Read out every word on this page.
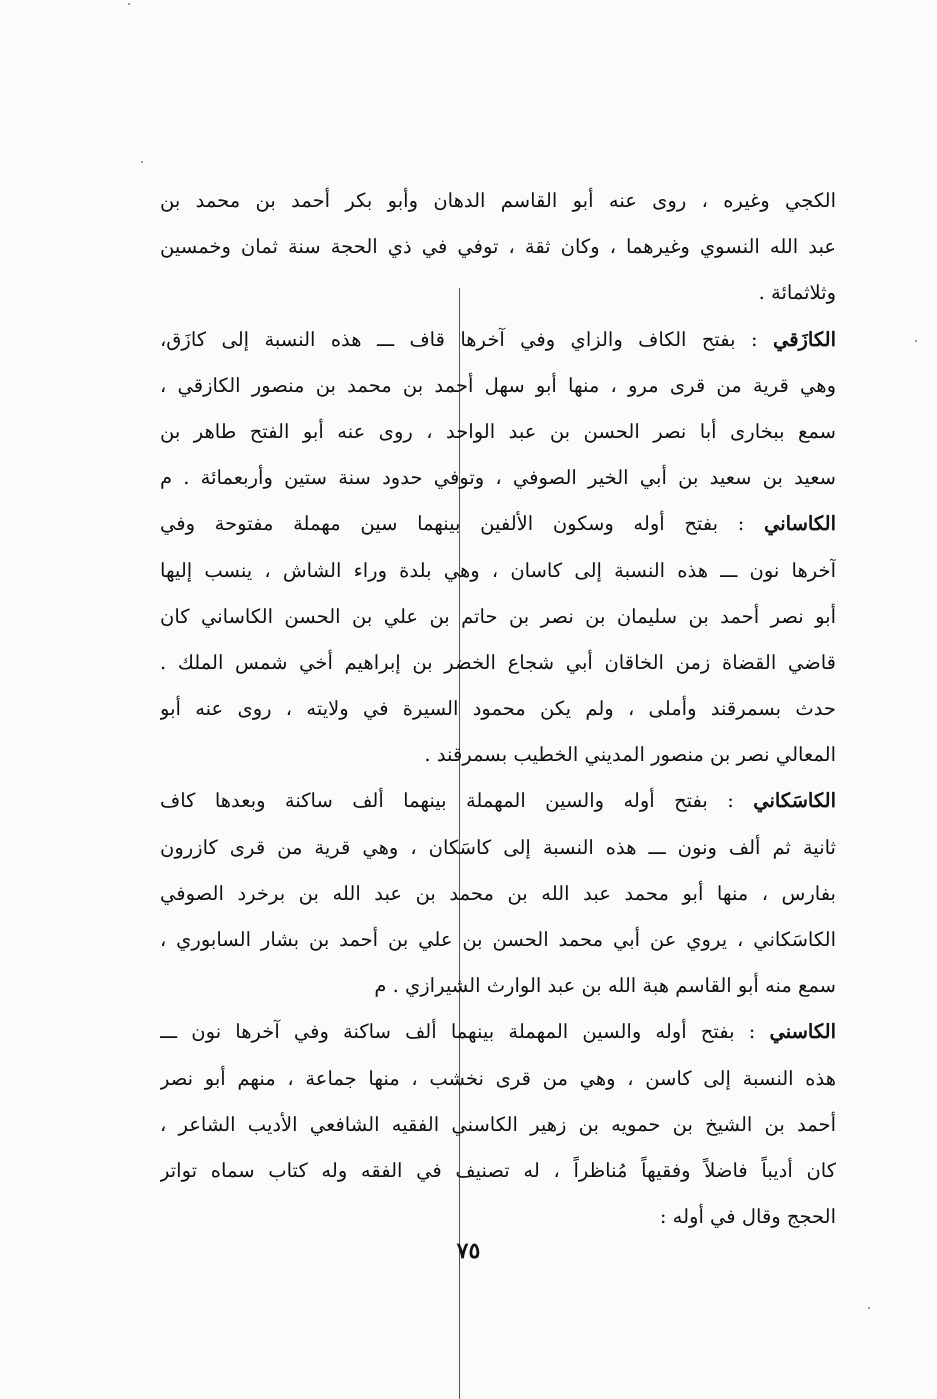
الكجي وغيره ، روى عنه أبو القاسم الدهان وأبو بكر أحمد بن محمد بن
عبد الله النسوي وغيرهما ، وكان ثقة ، توفي في ذي الحجة سنة ثمان وخمسين
وثلاثمائة .
الكازَقي : بفتح الكاف والزاي وفي آخرها قاف ـــ هذه النسبة إلى كازَق،
وهي قرية من قرى مرو ، منها أبو سهل أحمد بن محمد بن منصور الكازقي ،
سمع ببخارى أبا نصر الحسن بن عبد الواحد ، روى عنه أبو الفتح طاهر بن
سعيد بن سعيد بن أبي الخير الصوفي ، وتوفي حدود سنة ستين وأربعمائة . م
الكاساني : بفتح أوله وسكون الألفين بينهما سين مهملة مفتوحة وفي
آخرها نون ـــ هذه النسبة إلى كاسان ، وهي بلدة وراء الشاش ، ينسب إليها
أبو نصر أحمد بن سليمان بن نصر بن حاتم بن علي بن الحسن الكاساني كان
قاضي القضاة زمن الخاقان أبي شجاع الخضر بن إبراهيم أخي شمس الملك .
حدث بسمرقند وأملى ، ولم يكن محمود السيرة في ولايته ، روى عنه أبو
المعالي نصر بن منصور المديني الخطيب بسمرقند .
الكاسَكاني : بفتح أوله والسين المهملة بينهما ألف ساكنة وبعدها كاف
ثانية ثم ألف ونون ـــ هذه النسبة إلى كاسَكان ، وهي قرية من قرى كازرون
بفارس ، منها أبو محمد عبد الله بن محمد بن عبد الله بن برخرد الصوفي
الكاسَكاني ، يروي عن أبي محمد الحسن بن علي بن أحمد بن بشار السابوري ،
سمع منه أبو القاسم هبة الله بن عبد الوارث الشيرازي . م
الكاسني : بفتح أوله والسين المهملة بينهما ألف ساكنة وفي آخرها نون ـــ
هذه النسبة إلى كاسن ، وهي من قرى نخشب ، منها جماعة ، منهم أبو نصر
أحمد بن الشيخ بن حمويه بن زهير الكاسني الفقيه الشافعي الأديب الشاعر ،
كان أديباً فاضلاً وفقيهاً مُناظراً ، له تصنيف في الفقه وله كتاب سماه تواتر
الحجج وقال في أوله :
٧٥
